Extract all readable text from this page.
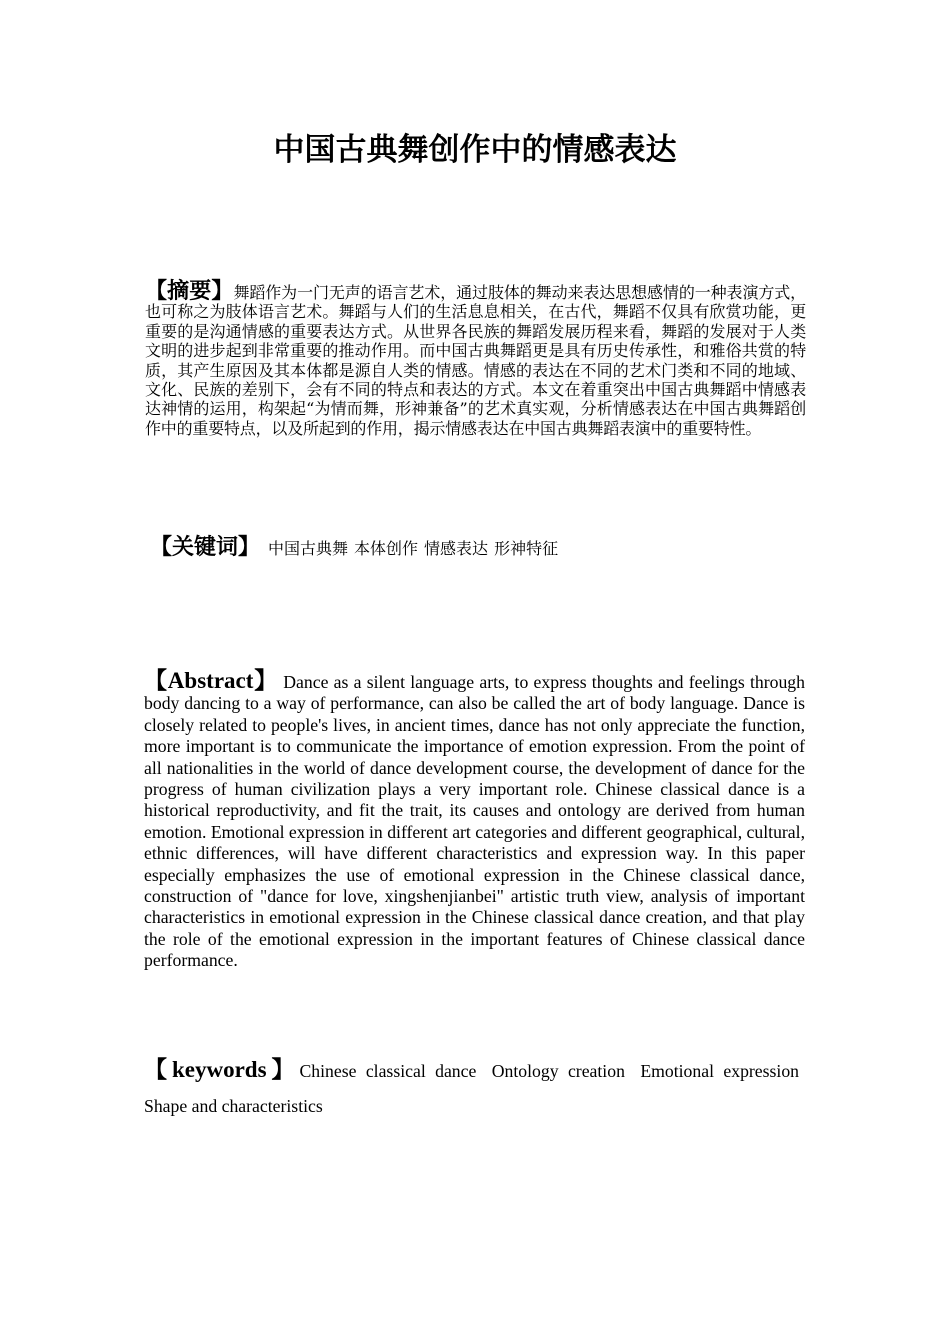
中国古典舞创作中的情感表达

【摘要】舞蹈作为一门无声的语言艺术，通过肢体的舞动来表达思想感情的一种表演方式，也可称之为肢体语言艺术。舞蹈与人们的生活息息相关，在古代，舞蹈不仅具有欣赏功能，更重要的是沟通情感的重要表达方式。从世界各民族的舞蹈发展历程来看，舞蹈的发展对于人类文明的进步起到非常重要的推动作用。而中国古典舞蹈更是具有历史传承性，和雅俗共赏的特质，其产生原因及其本体都是源自人类的情感。情感的表达在不同的艺术门类和不同的地域、文化、民族的差别下，会有不同的特点和表达的方式。本文在着重突出中国古典舞蹈中情感表达神情的运用，构架起“为情而舞，形神兼备”的艺术真实观，分析情感表达在中国古典舞蹈创作中的重要特点，以及所起到的作用，揭示情感表达在中国古典舞蹈表演中的重要特性。

【关键词】 中国古典舞 本体创作 情感表达 形神特征

【Abstract】 Dance as a silent language arts, to express thoughts and feelings through body dancing to a way of performance, can also be called the art of body language. Dance is closely related to people's lives, in ancient times, dance has not only appreciate the function, more important is to communicate the importance of emotion expression. From the point of all nationalities in the world of dance development course, the development of dance for the progress of human civilization plays a very important role. Chinese classical dance is a historical reproductivity, and fit the trait, its causes and ontology are derived from human emotion. Emotional expression in different art categories and different geographical, cultural, ethnic differences, will have different characteristics and expression way. In this paper especially emphasizes the use of emotional expression in the Chinese classical dance, construction of "dance for love, xingshenjianbei" artistic truth view, analysis of important characteristics in emotional expression in the Chinese classical dance creation, and that play the role of the emotional expression in the important features of Chinese classical dance performance.

【keywords】Chinese classical dance Ontology creation Emotional expression Shape and characteristics
